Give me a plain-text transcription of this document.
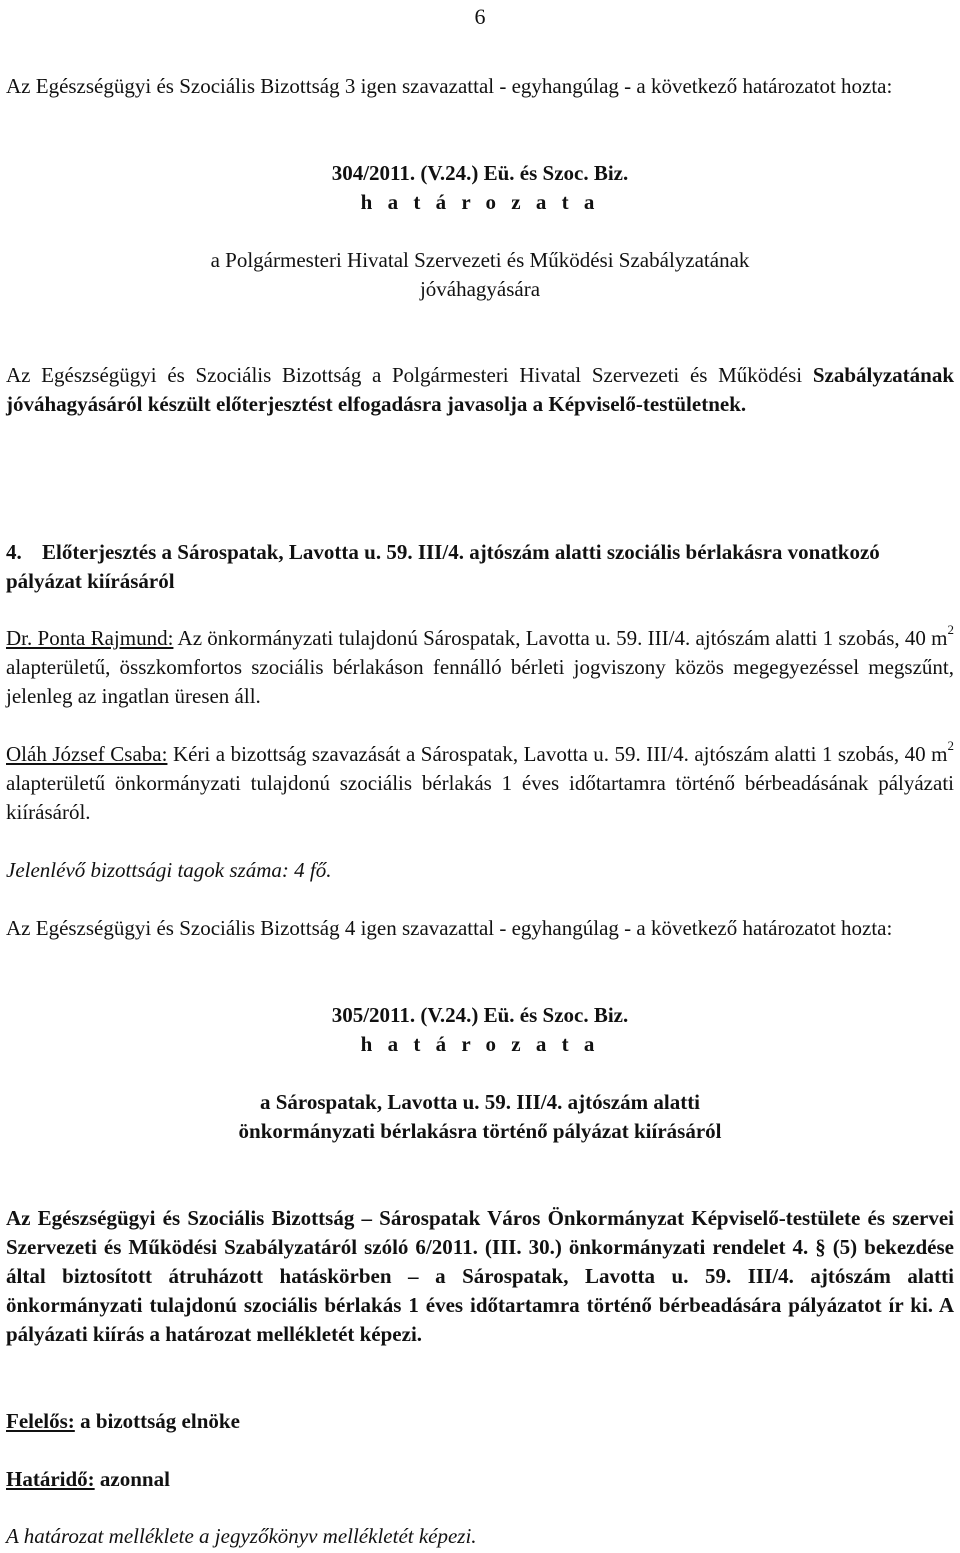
6
Az Egészségügyi és Szociális Bizottság 3 igen szavazattal - egyhangúlag - a következő határozatot hozta:
304/2011. (V.24.) Eü. és Szoc. Biz.
h a t á r o z a t a
a Polgármesteri Hivatal Szervezeti és Működési Szabályzatának
jóváhagyására
Az Egészségügyi és Szociális Bizottság a Polgármesteri Hivatal Szervezeti és Működési Szabályzatának jóváhagyásáról készült előterjesztést elfogadásra javasolja a Képviselő-testületnek.
4. Előterjesztés a Sárospatak, Lavotta u. 59. III/4. ajtószám alatti szociális bérlakásra vonatkozó pályázat kiírásáról
Dr. Ponta Rajmund: Az önkormányzati tulajdonú Sárospatak, Lavotta u. 59. III/4. ajtószám alatti 1 szobás, 40 $m^2$ alapterületű, összkomfortos szociális bérlakáson fennálló bérleti jogviszony közös megegyezéssel megszűnt, jelenleg az ingatlan üresen áll.
Oláh József Csaba: Kéri a bizottság szavazását a Sárospatak, Lavotta u. 59. III/4. ajtószám alatti 1 szobás, 40 $m^2$ alapterületű önkormányzati tulajdonú szociális bérlakás 1 éves időtartamra történő bérbeadásának pályázati kiírásáról.
Jelenlévő bizottsági tagok száma: 4 fő.
Az Egészségügyi és Szociális Bizottság 4 igen szavazattal - egyhangúlag - a következő határozatot hozta:
305/2011. (V.24.) Eü. és Szoc. Biz.
h a t á r o z a t a
a Sárospatak, Lavotta u. 59. III/4. ajtószám alatti
önkormányzati bérlakásra történő pályázat kiírásáról
Az Egészségügyi és Szociális Bizottság – Sárospatak Város Önkormányzat Képviselő-testülete és szervei Szervezeti és Működési Szabályzatáról szóló 6/2011. (III. 30.) önkormányzati rendelet 4. § (5) bekezdése által biztosított átruházott hatáskörben – a Sárospatak, Lavotta u. 59. III/4. ajtószám alatti önkormányzati tulajdonú szociális bérlakás 1 éves időtartamra történő bérbeadására pályázatot ír ki. A pályázati kiírás a határozat mellékletét képezi.
Felelős: a bizottság elnöke
Határidő: azonnal
A határozat melléklete a jegyzőkönyv mellékletét képezi.
